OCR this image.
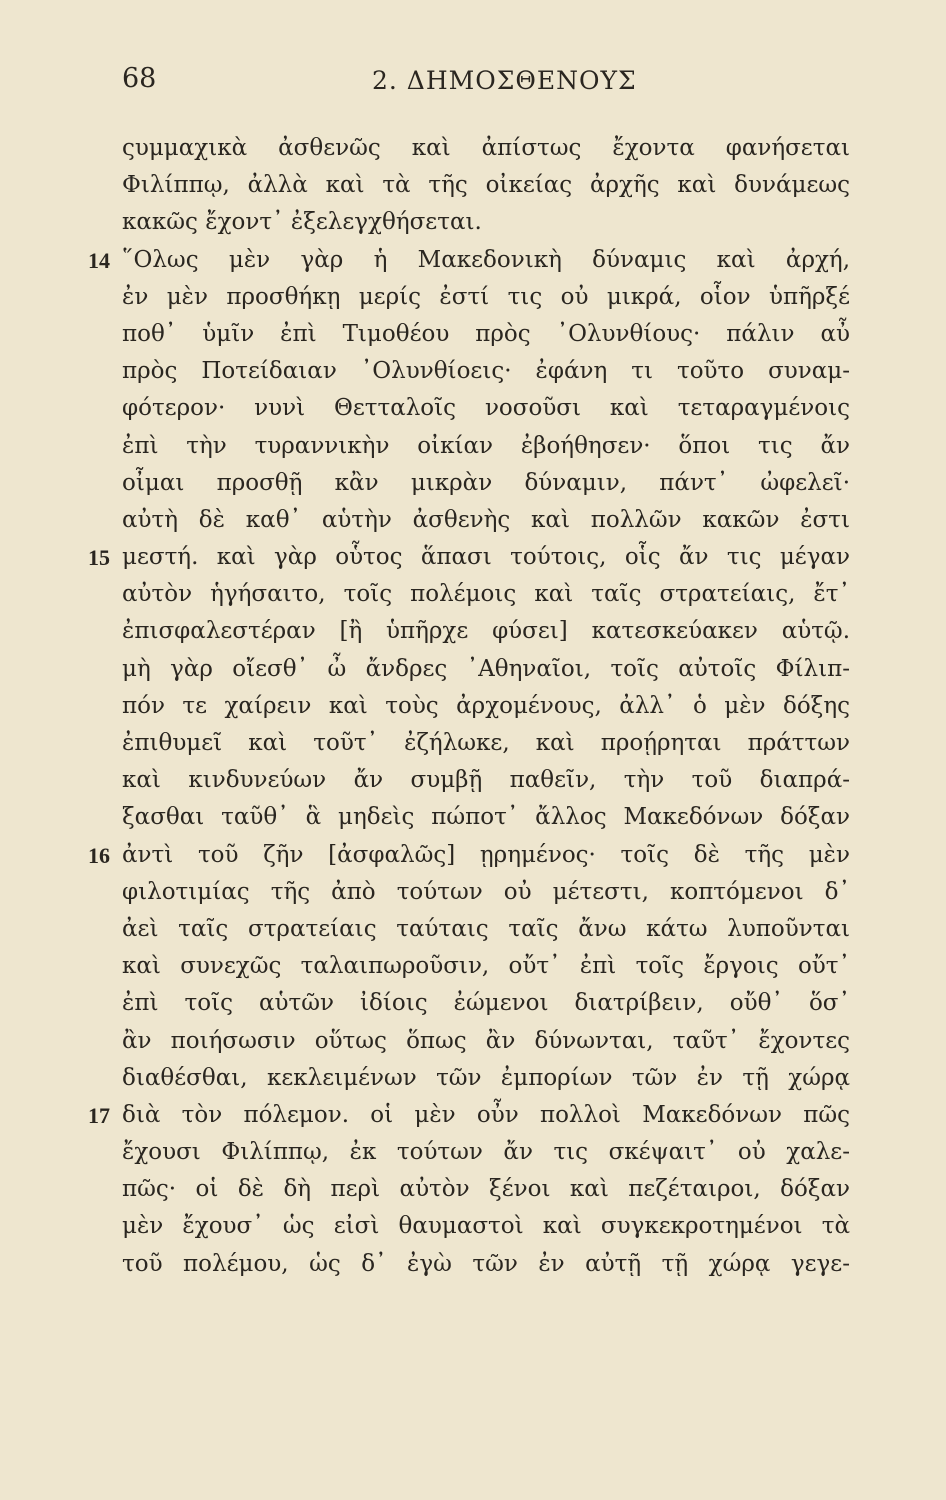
68	2. ΔΗΜΟΣΘΕΝΟΥΣ
ςυμμαχικὰ ἀσθενῶς καὶ ἀπίστως ἔχοντα φανήσεται
Φιλίππῳ, ἀλλὰ καὶ τὰ τῆς οἰκείας ἀρχῆς καὶ δυνάμεως
κακῶς ἔχοντ᾽ ἐξελεγχθήσεται.
14 ῞Ολως μὲν γὰρ ἡ Μακεδονικὴ δύναμις καὶ ἀρχή,
ἐν μὲν προσθήκῃ μερίς ἐστί τις οὐ μικρά, οἷον ὑπῆρξέ
ποθ᾽ ὑμῖν ἐπὶ Τιμοθέου πρὸς ᾿Ολυνθίους· πάλιν αὖ
πρὸς Ποτείδαιαν ᾿Ολυνθίοεις· ἐφάνη τι τοῦτο συναμ-
φότερον· νυνὶ Θετταλοῖς νοσοῦσι καὶ τεταραγμένοις
ἐπὶ τὴν τυραννικὴν οἰκίαν ἐβοήθησεν· ὅποι τις ἄν
οἶμαι προσθῇ κἂν μικρὰν δύναμιν, πάντ᾽ ὠφελεῖ·
αὐτὴ δὲ καθ᾽ αὑτὴν ἀσθενὴς καὶ πολλῶν κακῶν ἐστι
15 μεστή. καὶ γὰρ οὗτος ἅπασι τούτοις, οἷς ἄν τις μέγαν
αὐτὸν ἡγήσαιτο, τοῖς πολέμοις καὶ ταῖς στρατείαις, ἔτ᾽
ἐπισφαλεστέραν [ἢ ὑπῆρχε φύσει] κατεσκεύακεν αὑτῷ.
μὴ γὰρ οἴεσθ᾽ ὦ ἄνδρες ᾿Αθηναῖοι, τοῖς αὐτοῖς Φίλιπ-
πόν τε χαίρειν καὶ τοὺς ἀρχομένους, ἀλλ᾽ ὁ μὲν δόξης
ἐπιθυμεῖ καὶ τοῦτ᾽ ἐζήλωκε, καὶ προῄρηται πράττων
καὶ κινδυνεύων ἄν συμβῇ παθεῖν, τὴν τοῦ διαπρά-
ξασθαι ταῦθ᾽ ἃ μηδεὶς πώποτ᾽ ἄλλος Μακεδόνων δόξαν
16 ἀντὶ τοῦ ζῆν [ἀσφαλῶς] ῃρημένος· τοῖς δὲ τῆς μὲν
φιλοτιμίας τῆς ἀπὸ τούτων οὐ μέτεστι, κοπτόμενοι δ᾽
ἀεὶ ταῖς στρατείαις ταύταις ταῖς ἄνω κάτω λυποῦνται
καὶ συνεχῶς ταλαιπωροῦσιν, οὔτ᾽ ἐπὶ τοῖς ἔργοις οὔτ᾽
ἐπὶ τοῖς αὑτῶν ἰδίοις ἐώμενοι διατρίβειν, οὔθ᾽ ὅσ᾽
ἂν ποιήσωσιν οὕτως ὅπως ἂν δύνωνται, ταῦτ᾽ ἔχοντες
διαθέσθαι, κεκλειμένων τῶν ἐμπορίων τῶν ἐν τῇ χώρᾳ
17 διὰ τὸν πόλεμον. οἱ μὲν οὖν πολλοὶ Μακεδόνων πῶς
ἔχουσι Φιλίππῳ, ἐκ τούτων ἄν τις σκέψαιτ᾽ οὐ χαλε-
πῶς· οἱ δὲ δὴ περὶ αὐτὸν ξένοι καὶ πεζέταιροι, δόξαν
μὲν ἔχουσ᾽ ὡς εἰσὶ θαυμαστοὶ καὶ συγκεκροτημένοι τὰ
τοῦ πολέμου, ὡς δ᾽ ἐγὼ τῶν ἐν αὐτῇ τῇ χώρᾳ γεγε-
